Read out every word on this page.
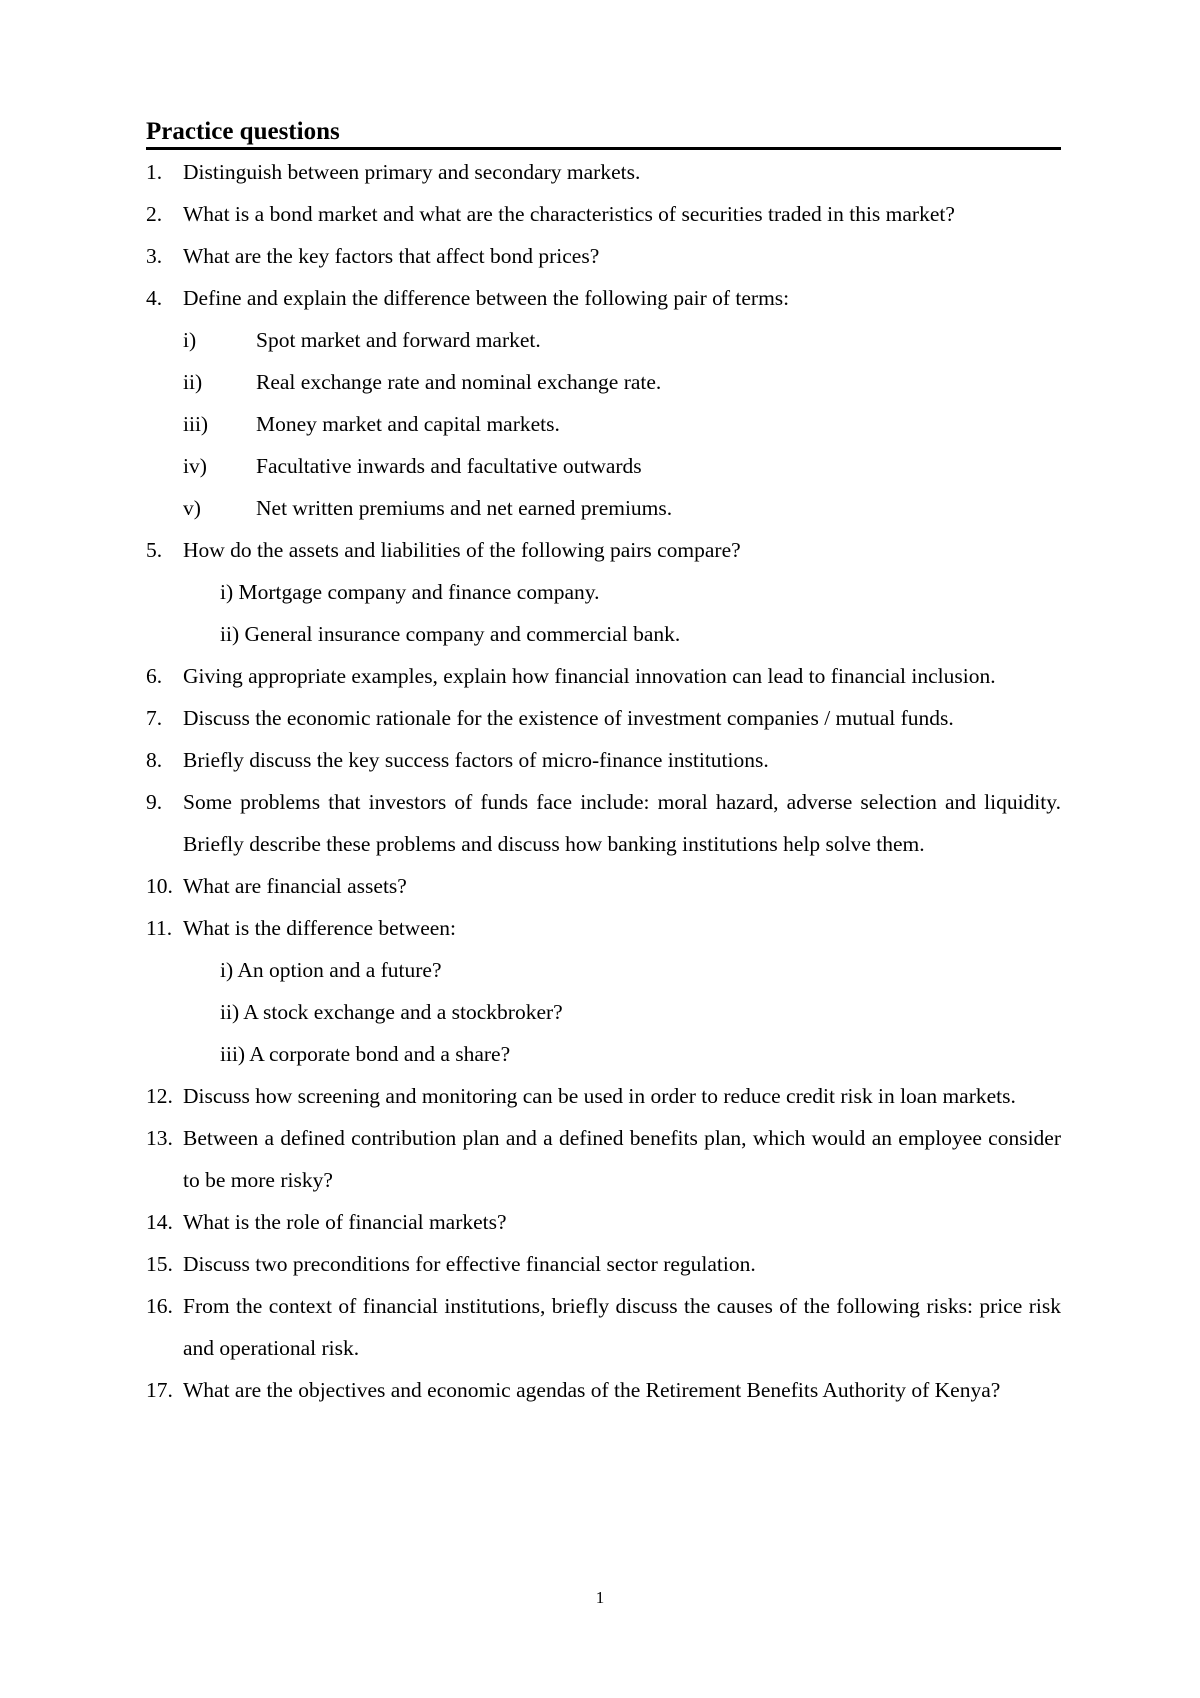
Practice questions
1. Distinguish between primary and secondary markets.
2. What is a bond market and what are the characteristics of securities traded in this market?
3. What are the key factors that affect bond prices?
4. Define and explain the difference between the following pair of terms:
i)	Spot market and forward market.
ii)	Real exchange rate and nominal exchange rate.
iii) Money market and capital markets.
iv) Facultative inwards and facultative outwards
v)	Net written premiums and net earned premiums.
5. How do the assets and liabilities of the following pairs compare?
i) Mortgage company and finance company.
ii) General insurance company and commercial bank.
6. Giving appropriate examples, explain how financial innovation can lead to financial inclusion.
7. Discuss the economic rationale for the existence of investment companies / mutual funds.
8. Briefly discuss the key success factors of micro-finance institutions.
9. Some problems that investors of funds face include: moral hazard, adverse selection and liquidity. Briefly describe these problems and discuss how banking institutions help solve them.
10. What are financial assets?
11. What is the difference between:
i) An option and a future?
ii) A stock exchange and a stockbroker?
iii) A corporate bond and a share?
12. Discuss how screening and monitoring can be used in order to reduce credit risk in loan markets.
13. Between a defined contribution plan and a defined benefits plan, which would an employee consider to be more risky?
14. What is the role of financial markets?
15. Discuss two preconditions for effective financial sector regulation.
16. From the context of financial institutions, briefly discuss the causes of the following risks: price risk and operational risk.
17. What are the objectives and economic agendas of the Retirement Benefits Authority of Kenya?
1
